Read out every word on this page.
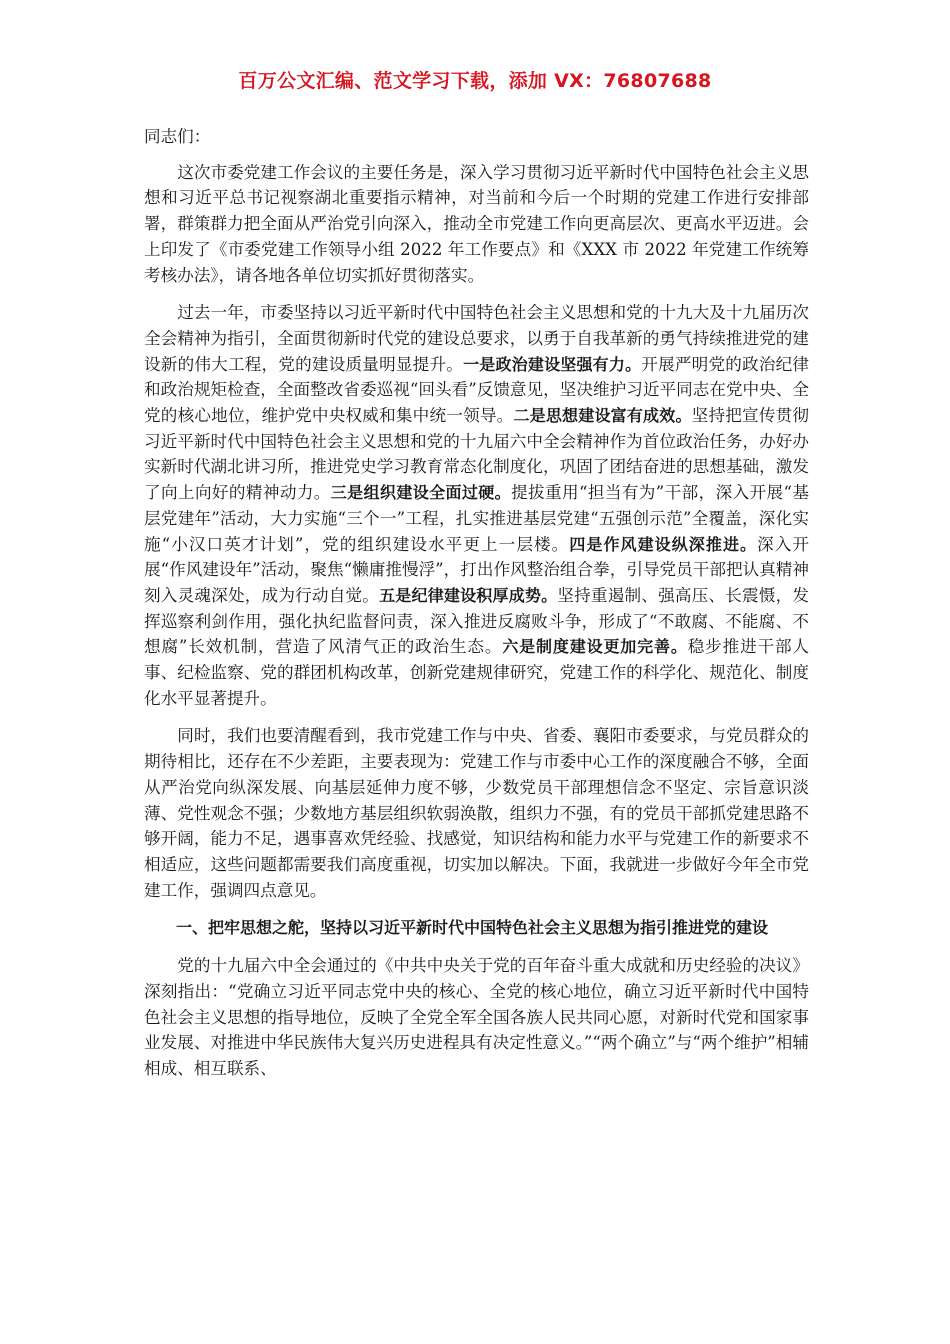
百万公文汇编、范文学习下载，添加 VX：76807688

同志们：

这次市委党建工作会议的主要任务是，深入学习贯彻习近平新时代中国特色社会主义思想和习近平总书记视察湖北重要指示精神，对当前和今后一个时期的党建工作进行安排部署，群策群力把全面从严治党引向深入，推动全市党建工作向更高层次、更高水平迈进。会上印发了《市委党建工作领导小组 2022 年工作要点》和《XXX 市 2022 年党建工作统筹考核办法》，请各地各单位切实抓好贯彻落实。

过去一年，市委坚持以习近平新时代中国特色社会主义思想和党的十九大及十九届历次全会精神为指引，全面贯彻新时代党的建设总要求，以勇于自我革新的勇气持续推进党的建设新的伟大工程，党的建设质量明显提升。一是政治建设坚强有力。开展严明党的政治纪律和政治规矩检查，全面整改省委巡视“回头看”反馈意见，坚决维护习近平同志在党中央、全党的核心地位，维护党中央权威和集中统一领导。二是思想建设富有成效。坚持把宣传贯彻习近平新时代中国特色社会主义思想和党的十九届六中全会精神作为首位政治任务，办好办实新时代湖北讲习所，推进党史学习教育常态化制度化，巩固了团结奋进的思想基础，激发了向上向好的精神动力。三是组织建设全面过硬。提拔重用“担当有为”干部，深入开展“基层党建年”活动，大力实施“三个一”工程，扎实推进基层党建“五强创示范”全覆盖，深化实施“小汉口英才计划”，党的组织建设水平更上一层楼。四是作风建设纵深推进。深入开展“作风建设年”活动，聚焦“懒庸推慢浮”，打出作风整治组合拳，引导党员干部把认真精神刻入灵魂深处，成为行动自觉。五是纪律建设积厚成势。坚持重遏制、强高压、长震慑，发挥巡察利剑作用，强化执纪监督问责，深入推进反腐败斗争，形成了“不敢腐、不能腐、不想腐”长效机制，营造了风清气正的政治生态。六是制度建设更加完善。稳步推进干部人事、纪检监察、党的群团机构改革，创新党建规律研究，党建工作的科学化、规范化、制度化水平显著提升。

同时，我们也要清醒看到，我市党建工作与中央、省委、襄阳市委要求，与党员群众的期待相比，还存在不少差距，主要表现为：党建工作与市委中心工作的深度融合不够，全面从严治党向纵深发展、向基层延伸力度不够，少数党员干部理想信念不坚定、宗旨意识淡薄、党性观念不强；少数地方基层组织软弱涣散，组织力不强，有的党员干部抓党建思路不够开阔，能力不足，遇事喜欢凭经验、找感觉，知识结构和能力水平与党建工作的新要求不相适应，这些问题都需要我们高度重视，切实加以解决。下面，我就进一步做好今年全市党建工作，强调四点意见。

一、把牢思想之舵，坚持以习近平新时代中国特色社会主义思想为指引推进党的建设

党的十九届六中全会通过的《中共中央关于党的百年奋斗重大成就和历史经验的决议》深刻指出：“党确立习近平同志党中央的核心、全党的核心地位，确立习近平新时代中国特色社会主义思想的指导地位，反映了全党全军全国各族人民共同心愿，对新时代党和国家事业发展、对推进中华民族伟大复兴历史进程具有决定性意义。”“两个确立”与“两个维护”相辅相成、相互联系、
